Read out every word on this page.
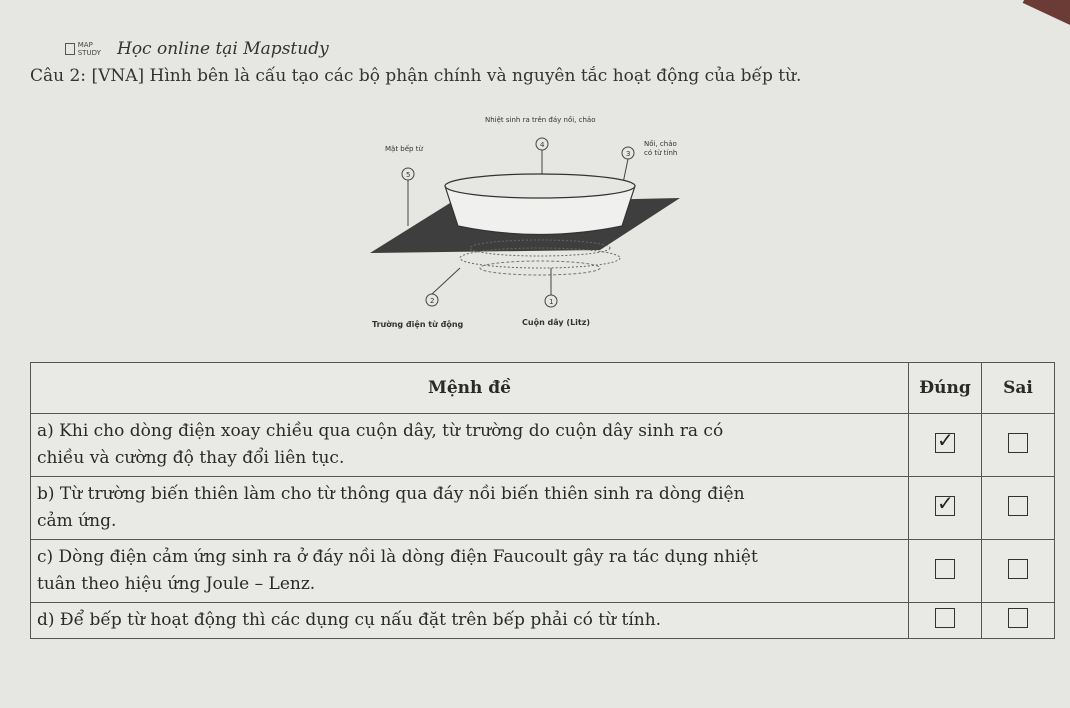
MAP STUDY Học online tại Mapstudy
Câu 2: [VNA] Hình bên là cấu tạo các bộ phận chính và nguyên tắc hoạt động của bếp từ.
Nhiệt sinh ra trên đáy nồi, chảo
Mặt bếp từ
Nồi, chảo
có từ tính
4
3
5
2	1
Trường điện từ động	Cuộn dây (Litz)
Mệnh đề	Đúng	Sai
a) Khi cho dòng điện xoay chiều qua cuộn dây, từ trường do cuộn dây sinh ra có
chiều và cường độ thay đổi liên tục.	✓	
b) Từ trường biến thiên làm cho từ thông qua đáy nồi biến thiên sinh ra dòng điện
cảm ứng.	✓	
c) Dòng điện cảm ứng sinh ra ở đáy nồi là dòng điện Faucoult gây ra tác dụng nhiệt
tuân theo hiệu ứng Joule – Lenz.		
d) Để bếp từ hoạt động thì các dụng cụ nấu đặt trên bếp phải có từ tính.		
